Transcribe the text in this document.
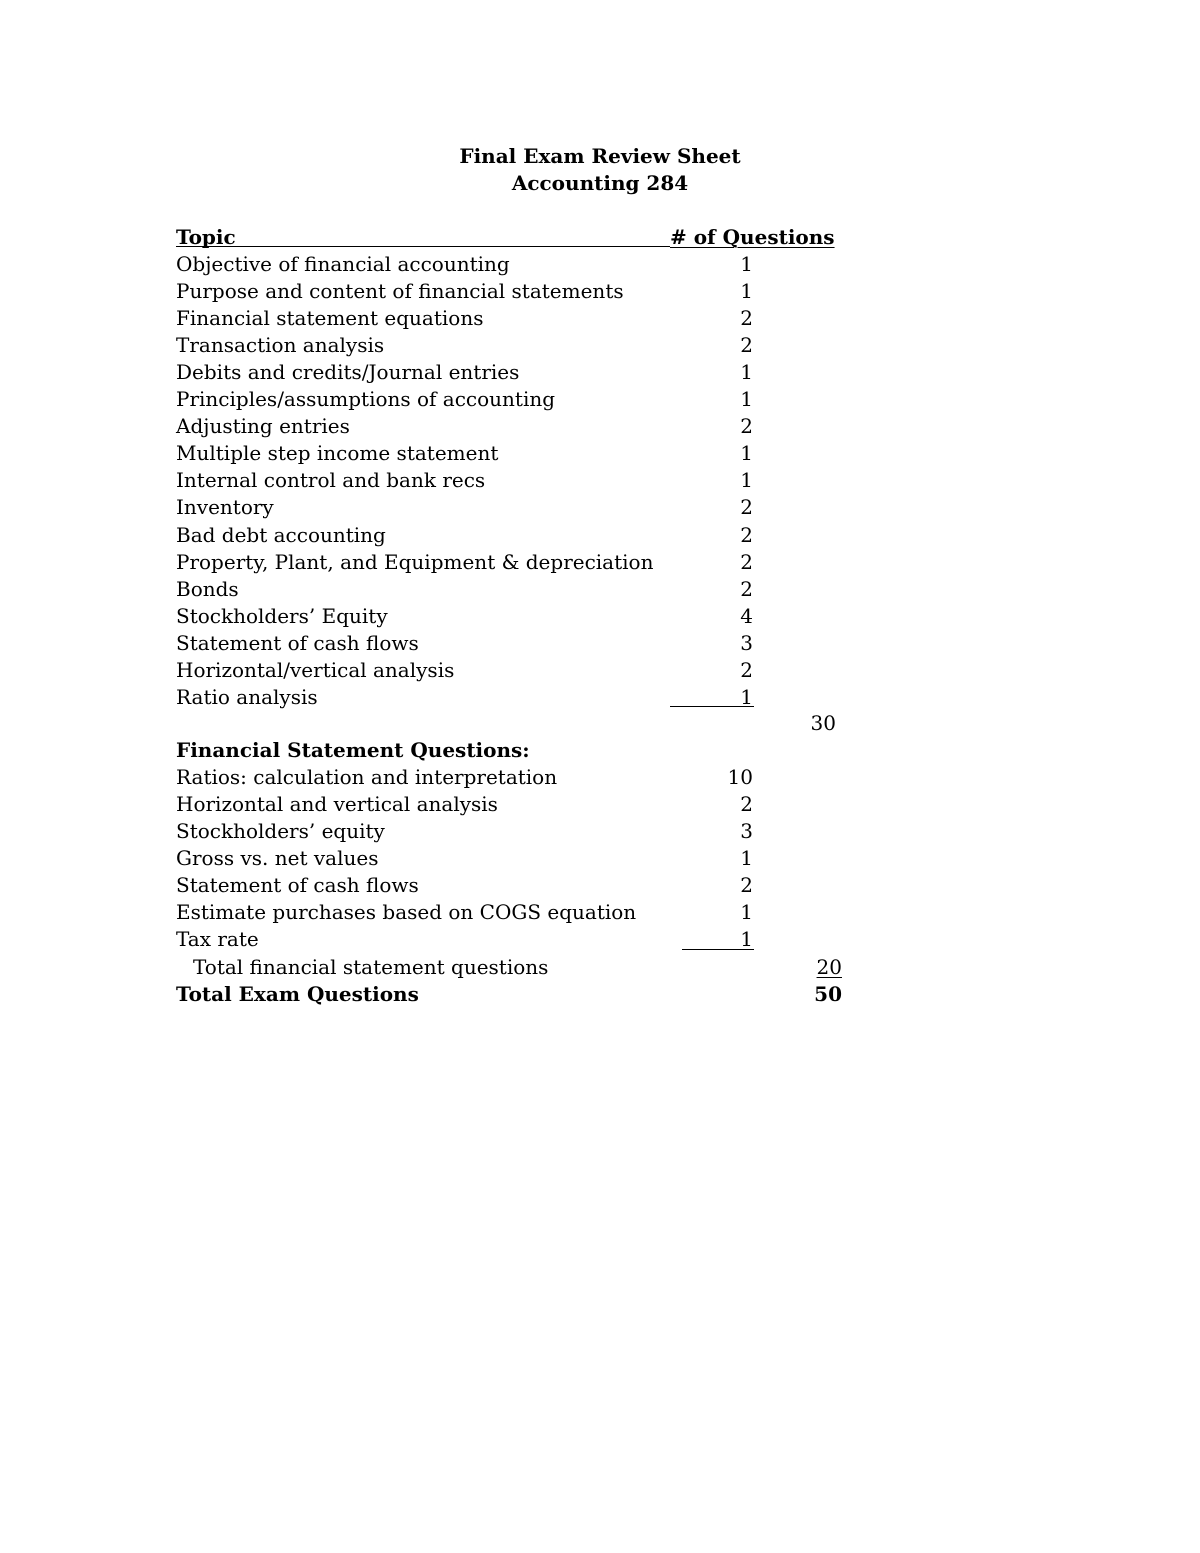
Final Exam Review Sheet
Accounting 284
Topic	# of Questions
Objective of financial accounting	1
Purpose and content of financial statements	1
Financial statement equations	2
Transaction analysis	2
Debits and credits/Journal entries	1
Principles/assumptions of accounting	1
Adjusting entries	2
Multiple step income statement	1
Internal control and bank recs	1
Inventory	2
Bad debt accounting	2
Property, Plant, and Equipment & depreciation	2
Bonds	2
Stockholders’ Equity	4
Statement of cash flows	3
Horizontal/vertical analysis	2
Ratio analysis	1
30
Financial Statement Questions:
Ratios: calculation and interpretation	10
Horizontal and vertical analysis	2
Stockholders’ equity	3
Gross vs. net values	1
Statement of cash flows	2
Estimate purchases based on COGS equation	1
Tax rate	1
Total financial statement questions	20
Total Exam Questions	50
